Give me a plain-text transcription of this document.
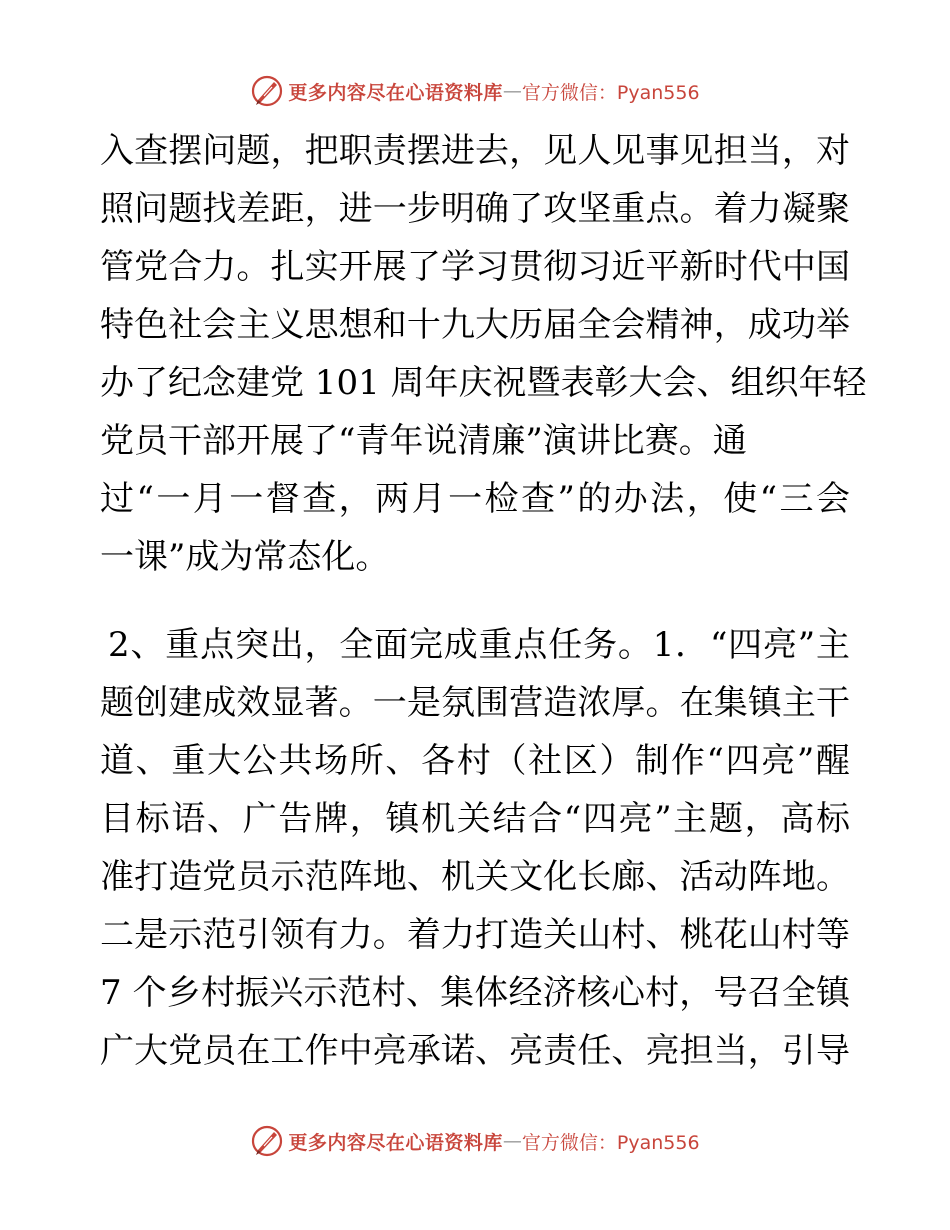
更多内容尽在心语资料库 — 官方微信：Pyan556
入查摆问题，把职责摆进去，见人见事见担当，对
照问题找差距，进一步明确了攻坚重点。着力凝聚
管党合力。扎实开展了学习贯彻习近平新时代中国
特色社会主义思想和十九大历届全会精神，成功举
办了纪念建党 101 周年庆祝暨表彰大会、组织年轻
党员干部开展了“青年说清廉”演讲比赛。通
过“一月一督查，两月一检查”的办法，使“三会
一课”成为常态化。
2、重点突出，全面完成重点任务。1．“四亮”主
题创建成效显著。一是氛围营造浓厚。在集镇主干
道、重大公共场所、各村（社区）制作“四亮”醒
目标语、广告牌，镇机关结合“四亮”主题，高标
准打造党员示范阵地、机关文化长廊、活动阵地。
二是示范引领有力。着力打造关山村、桃花山村等
7 个乡村振兴示范村、集体经济核心村，号召全镇
广大党员在工作中亮承诺、亮责任、亮担当，引导
更多内容尽在心语资料库 — 官方微信：Pyan556
